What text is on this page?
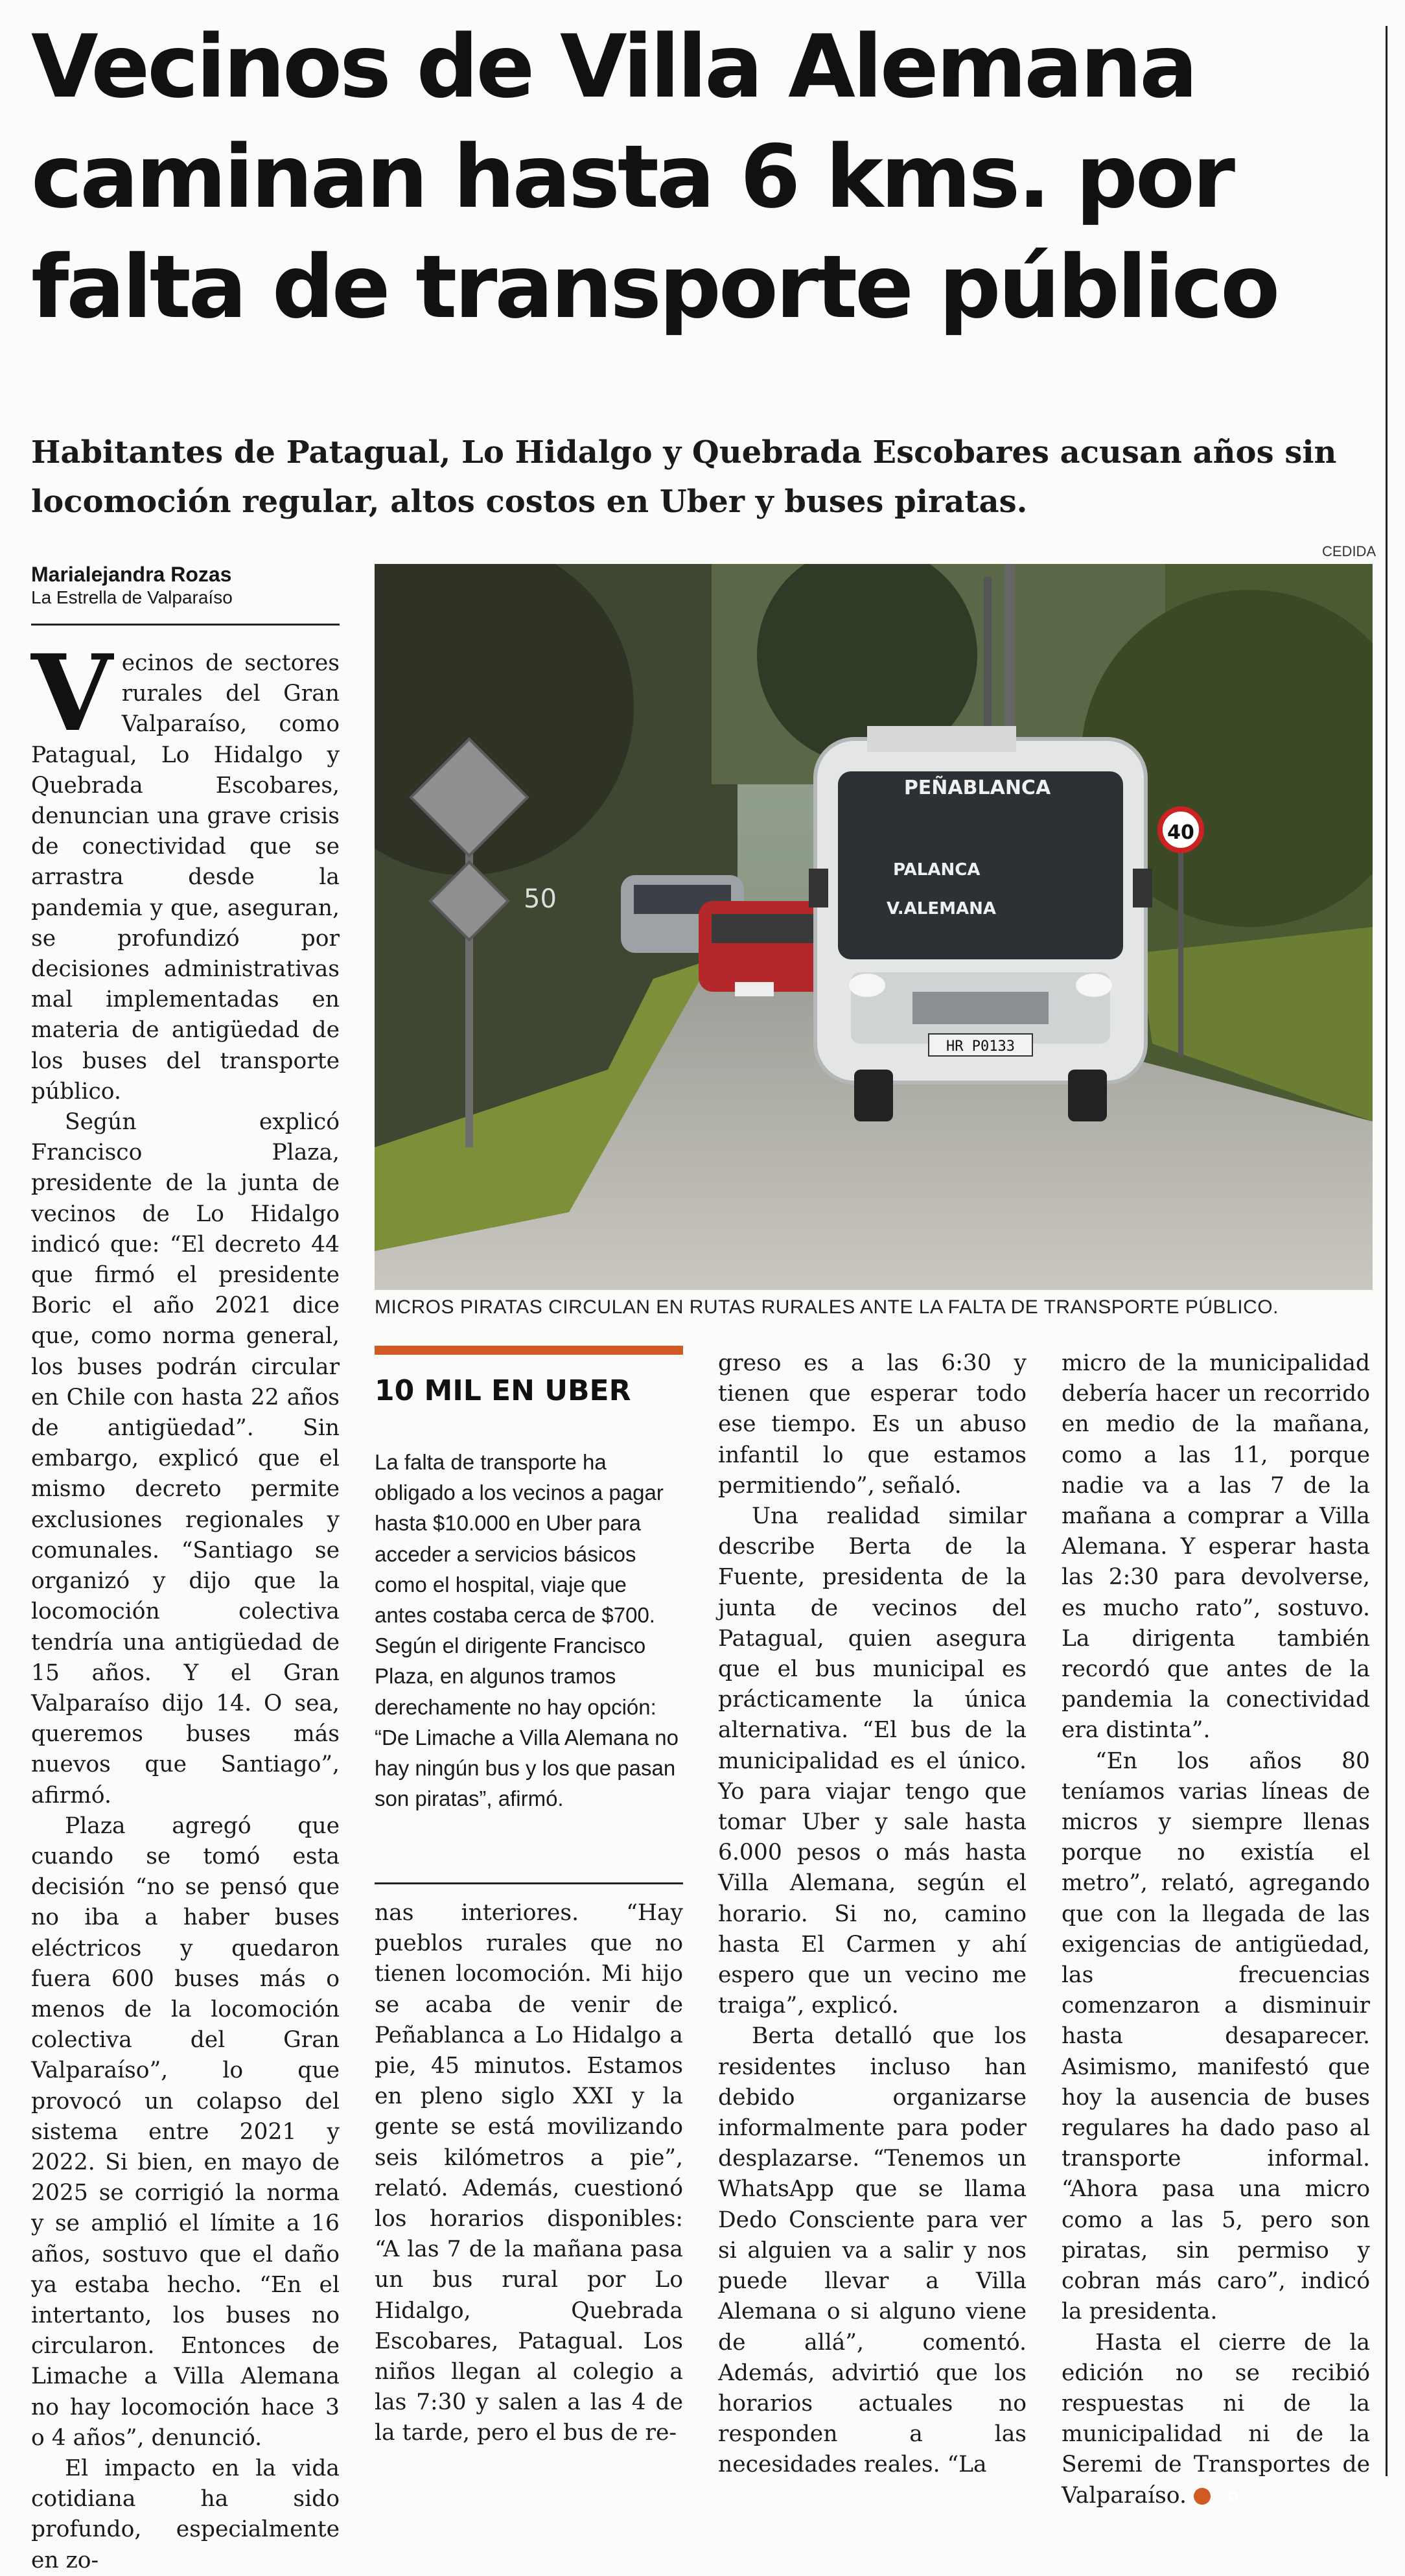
Vecinos de Villa Alemana
caminan hasta 6 kms. por
falta de transporte público
Habitantes de Patagual, Lo Hidalgo y Quebrada Escobares acusan años sin locomoción regular, altos costos en Uber y buses piratas.
Marialejandra Rozas
La Estrella de Valparaíso
CEDIDA
50
40
PEÑABLANCA
PALANCA
V.ALEMANA
HR P0133
MICROS PIRATAS CIRCULAN EN RUTAS RURALES ANTE LA FALTA DE TRANSPORTE PÚBLICO.

Vecinos de sectores rurales del Gran Valparaíso, como Patagual, Lo Hidalgo y Quebrada Escobares, denuncian una grave crisis de conectividad que se arrastra desde la pandemia y que, aseguran, se profundizó por decisiones administrativas mal implementadas en materia de antigüedad de los buses del transporte público.

Según explicó Francisco Plaza, presidente de la junta de vecinos de Lo Hidalgo indicó que: “El decreto 44 que firmó el presidente Boric el año 2021 dice que, como norma general, los buses podrán circular en Chile con hasta 22 años de antigüedad”. Sin embargo, explicó que el mismo decreto permite exclusiones regionales y comunales. “Santiago se organizó y dijo que la locomoción colectiva tendría una antigüedad de 15 años. Y el Gran Valparaíso dijo 14. O sea, queremos buses más nuevos que Santiago”, afirmó.

Plaza agregó que cuando se tomó esta decisión “no se pensó que no iba a haber buses eléctricos y quedaron fuera 600 buses más o menos de la locomoción colectiva del Gran Valparaíso”, lo que provocó un colapso del sistema entre 2021 y 2022. Si bien, en mayo de 2025 se corrigió la norma y se amplió el límite a 16 años, sostuvo que el daño ya estaba hecho. “En el intertanto, los buses no circularon. Entonces de Limache a Villa Alemana no hay locomoción hace 3 o 4 años”, denunció.

El impacto en la vida cotidiana ha sido profundo, especialmente en zo-

10 MIL EN UBER

La falta de transporte ha obligado a los vecinos a pagar hasta $10.000 en Uber para acceder a servicios básicos como el hospital, viaje que antes costaba cerca de $700. Según el dirigente Francisco Plaza, en algunos tramos derechamente no hay opción: “De Limache a Villa Alemana no hay ningún bus y los que pasan son piratas”, afirmó.

nas interiores. “Hay pueblos rurales que no tienen locomoción. Mi hijo se acaba de venir de Peñablanca a Lo Hidalgo a pie, 45 minutos. Estamos en pleno siglo XXI y la gente se está movilizando seis kilómetros a pie”, relató. Además, cuestionó los horarios disponibles: “A las 7 de la mañana pasa un bus rural por Lo Hidalgo, Quebrada Escobares, Patagual. Los niños llegan al colegio a las 7:30 y salen a las 4 de la tarde, pero el bus de re-

greso es a las 6:30 y tienen que esperar todo ese tiempo. Es un abuso infantil lo que estamos permitiendo”, señaló.

Una realidad similar describe Berta de la Fuente, presidenta de la junta de vecinos del Patagual, quien asegura que el bus municipal es prácticamente la única alternativa. “El bus de la municipalidad es el único. Yo para viajar tengo que tomar Uber y sale hasta 6.000 pesos o más hasta Villa Alemana, según el horario. Si no, camino hasta El Carmen y ahí espero que un vecino me traiga”, explicó.

Berta detalló que los residentes incluso han debido organizarse informalmente para poder desplazarse. “Tenemos un WhatsApp que se llama Dedo Consciente para ver si alguien va a salir y nos puede llevar a Villa Alemana o si alguno viene de allá”, comentó. Además, advirtió que los horarios actuales no responden a las necesidades reales. “La

micro de la municipalidad debería hacer un recorrido en medio de la mañana, como a las 11, porque nadie va a las 7 de la mañana a comprar a Villa Alemana. Y esperar hasta las 2:30 para devolverse, es mucho rato”, sostuvo. La dirigenta también recordó que antes de la pandemia la conectividad era distinta”.

“En los años 80 teníamos varias líneas de micros y siempre llenas porque no existía el metro”, relató, agregando que con la llegada de las exigencias de antigüedad, las frecuencias comenzaron a disminuir hasta desaparecer. Asimismo, manifestó que hoy la ausencia de buses regulares ha dado paso al transporte informal. “Ahora pasa una micro como a las 5, pero son piratas, sin permiso y cobran más caro”, indicó la presidenta.

Hasta el cierre de la edición no se recibió respuestas ni de la municipalidad ni de la Seremi de Transportes de Valparaíso.	✪
